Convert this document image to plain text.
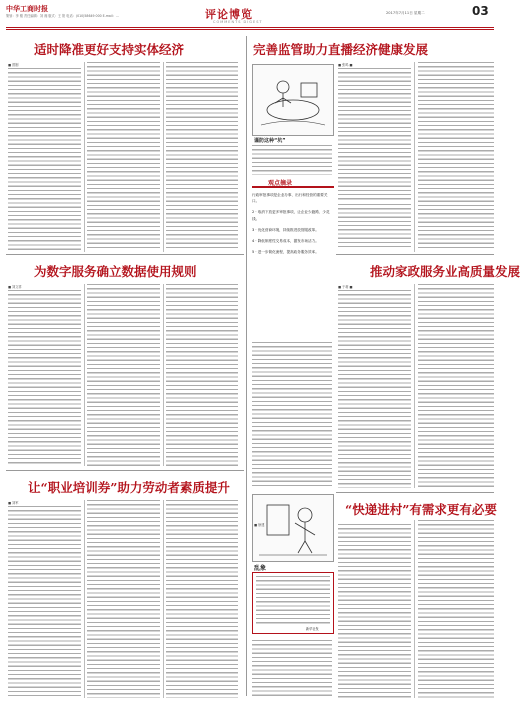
中华工商时报
策划：李 刚 责任编辑：刘 湘 版式：王 阳 电话：(010)58649 000 E-mail：...	评论博览
COMMENTS DIGEST
2017年7月11日 星期二	03
适时降准更好支持实体经济
■ 曾刚
完善监管助力直播经济健康发展
■ 张鸣 ■
谨防这种“坑”
观点摘录
行政审批事项是企业办事、出行和经营的重要关口。
2 · 取消下放更多审批事项，让企业少跑路、少花钱。
3 · 优化营商环境，持续推进放管服改革。
4 · 降低制度性交易成本，激发市场活力。
5 · 进一步简化流程，提高政务服务效率。
为数字服务确立数据使用规则
■ 刘文祥
推动家政服务业高质量发展
■ 于莉 ■
让“职业培训券”助力劳动者素质提升
■ 刘军
乱象
新华社发
“快递进村”有需求更有必要
■ 徐建
